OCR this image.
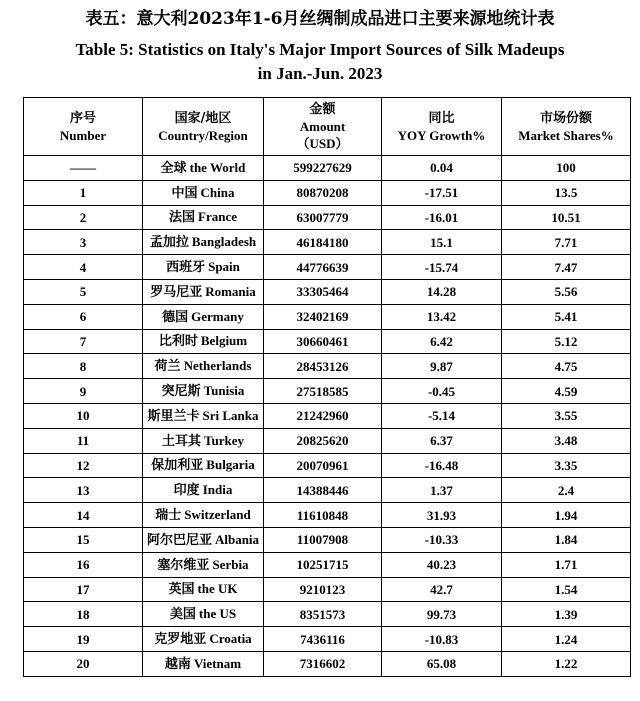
表五：意大利2023年1-6月丝绸制成品进口主要来源地统计表
Table 5: Statistics on Italy's Major Import Sources of Silk Madeups
in Jan.-Jun. 2023
序号
Number	国家/地区
Country/Region	金额
Amount
（USD）	同比
YOY Growth%	市场份额
Market Shares%

——	全球 the World	599227629	0.04	100
1	中国 China	80870208	-17.51	13.5
2	法国 France	63007779	-16.01	10.51
3	孟加拉 Bangladesh	46184180	15.1	7.71
4	西班牙 Spain	44776639	-15.74	7.47
5	罗马尼亚 Romania	33305464	14.28	5.56
6	德国 Germany	32402169	13.42	5.41
7	比利时 Belgium	30660461	6.42	5.12
8	荷兰 Netherlands	28453126	9.87	4.75
9	突尼斯 Tunisia	27518585	-0.45	4.59
10	斯里兰卡 Sri Lanka	21242960	-5.14	3.55
11	土耳其 Turkey	20825620	6.37	3.48
12	保加利亚 Bulgaria	20070961	-16.48	3.35
13	印度 India	14388446	1.37	2.4
14	瑞士 Switzerland	11610848	31.93	1.94
15	阿尔巴尼亚 Albania	11007908	-10.33	1.84
16	塞尔维亚 Serbia	10251715	40.23	1.71
17	英国 the UK	9210123	42.7	1.54
18	美国 the US	8351573	99.73	1.39
19	克罗地亚 Croatia	7436116	-10.83	1.24
20	越南 Vietnam	7316602	65.08	1.22
